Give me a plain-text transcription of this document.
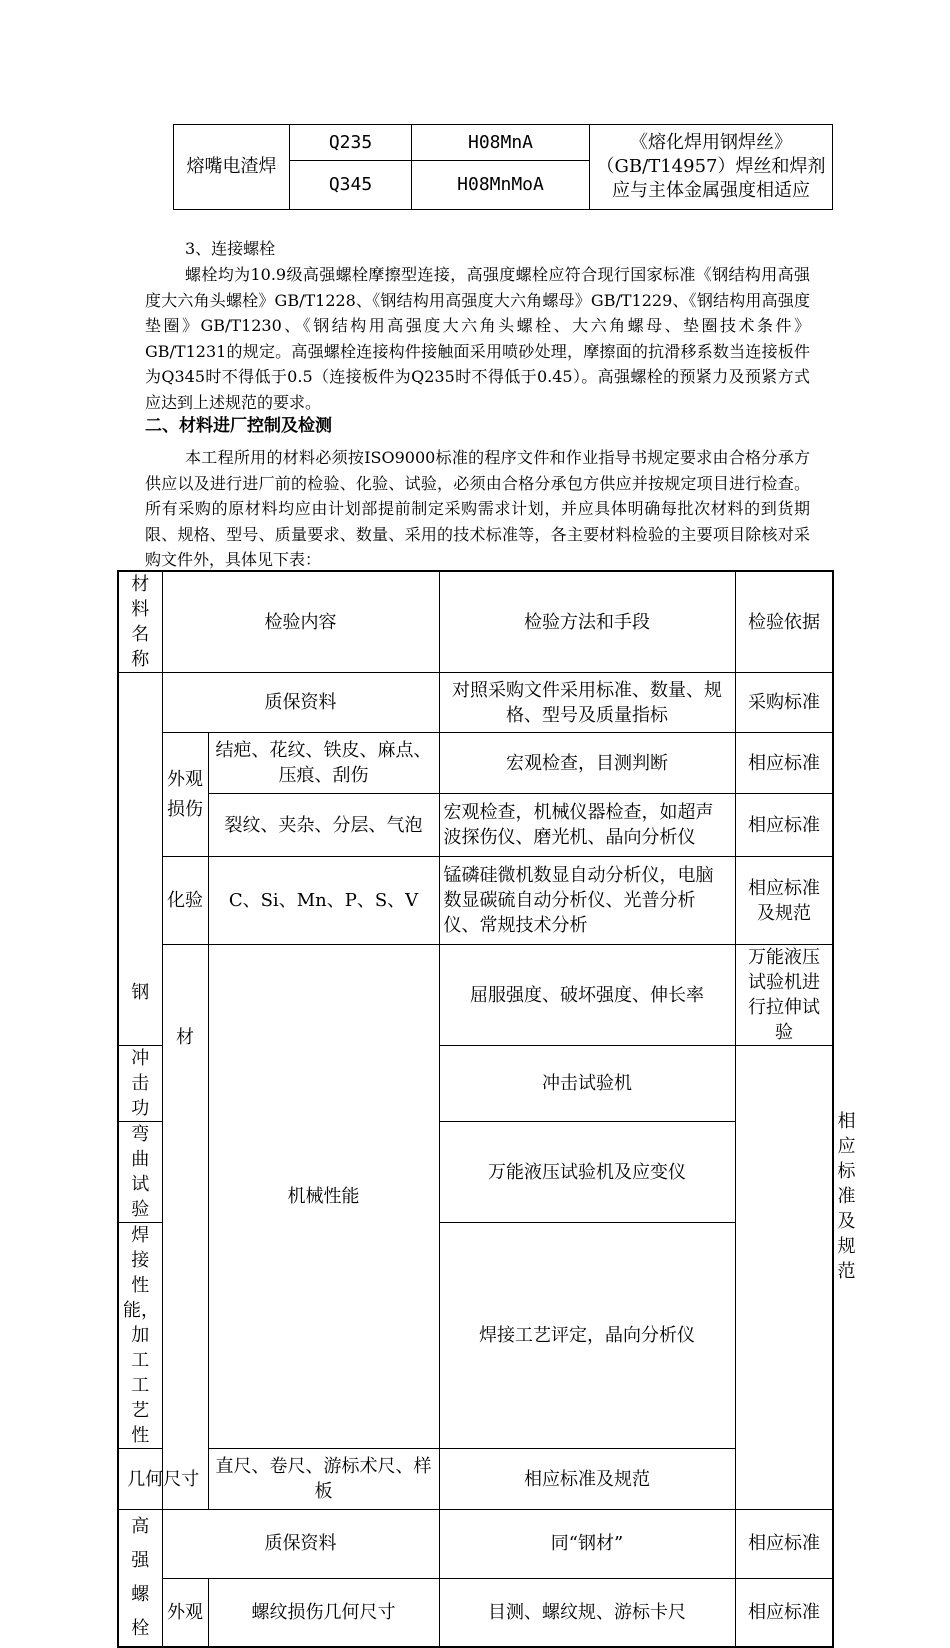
熔嘴电渣焊	Q235	H08MnA	《熔化焊用钢焊丝》（GB/T14957）焊丝和焊剂应与主体金属强度相适应
	Q345	H08MnMoA	

3、连接螺栓

螺栓均为10.9级高强螺栓摩擦型连接，高强度螺栓应符合现行国家标准《钢结构用高强度大六角头螺栓》GB/T1228、《钢结构用高强度大六角螺母》GB/T1229、《钢结构用高强度垫圈》GB/T1230、《钢结构用高强度大六角头螺栓、大六角螺母、垫圈技术条件》GB/T1231的规定。高强螺栓连接构件接触面采用喷砂处理，摩擦面的抗滑移系数当连接板件为Q345时不得低于0.5（连接板件为Q235时不得低于0.45）。高强螺栓的预紧力及预紧方式应达到上述规范的要求。

二、材料进厂控制及检测

本工程所用的材料必须按ISO9000标准的程序文件和作业指导书规定要求由合格分承方供应以及进行进厂前的检验、化验、试验，必须由合格分承包方供应并按规定项目进行检查。所有采购的原材料均应由计划部提前制定采购需求计划，并应具体明确每批次材料的到货期限、规格、型号、质量要求、数量、采用的技术标准等，各主要材料检验的主要项目除核对采购文件外，具体见下表：

材料名称	检验内容		检验方法和手段	检验依据	
钢	质保资料		对照采购文件采用标准、数量、规格、型号及质量指标	采购标准	
	外观损伤	结疤、花纹、铁皮、麻点、压痕、刮伤	宏观检查，目测判断	相应标准	
		裂纹、夹杂、分层、气泡	宏观检查，机械仪器检查，如超声波探伤仪、磨光机、晶向分析仪	相应标准	
	化验	C、Si、Mn、P、S、V	锰磷硅微机数显自动分析仪，电脑数显碳硫自动分析仪、光普分析仪、常规技术分析	相应标准及规范	
	材	机械性能	屈服强度、破坏强度、伸长率	万能液压试验机进行拉伸试验	相应标准及规范
冲击功			冲击试验机		
弯曲试验			万能液压试验机及应变仪		
焊接性能，加工工艺性			焊接工艺评定，晶向分析仪		
几何尺寸		直尺、卷尺、游标术尺、样板	相应标准及规范		
高强螺栓	质保资料		同“钢材”	相应标准	
	外观	螺纹损伤几何尺寸	目测、螺纹规、游标卡尺	相应标准	
